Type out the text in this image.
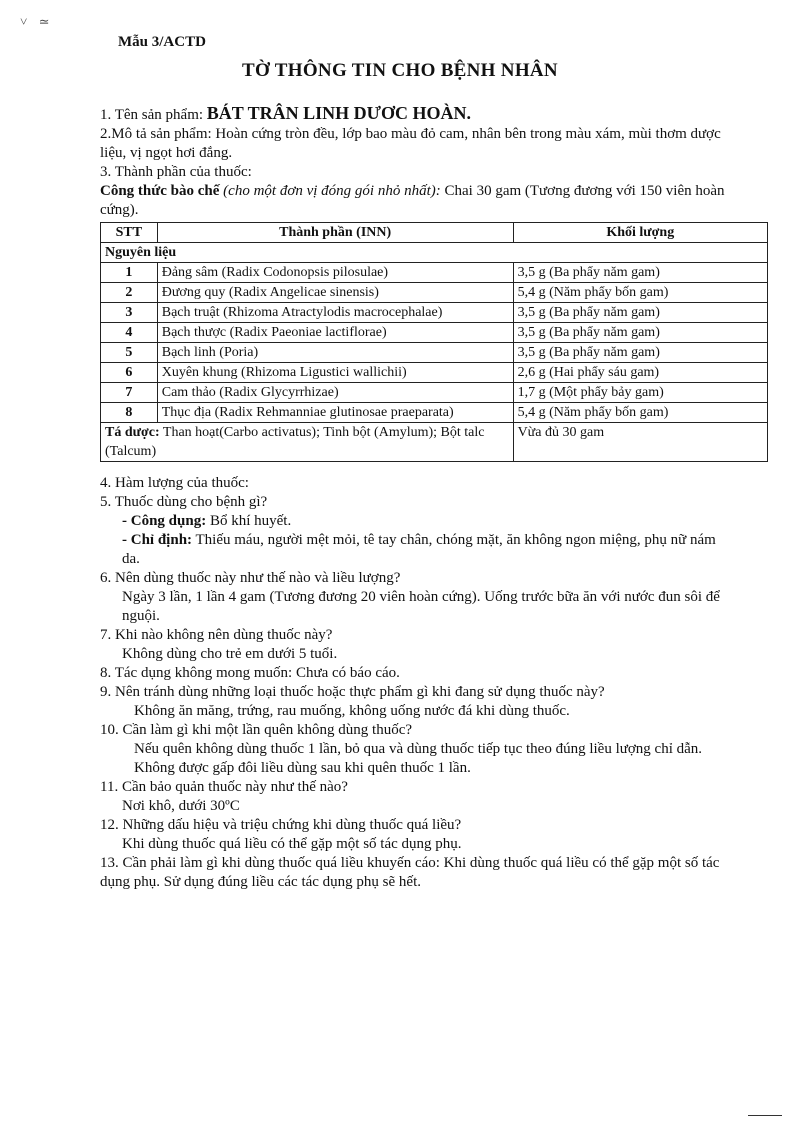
˅ ≃
Mẫu 3/ACTD
TỜ THÔNG TIN CHO BỆNH NHÂN

1. Tên sản phẩm: BÁT TRÂN LINH DƯƠC HOÀN.

2.Mô tả sản phẩm: Hoàn cứng tròn đều, lớp bao màu đỏ cam, nhân bên trong màu xám, mùi thơm dược liệu, vị ngọt hơi đắng.

3. Thành phần của thuốc:

Công thức bào chế (cho một đơn vị đóng gói nhỏ nhất): Chai 30 gam (Tương đương với 150 viên hoàn cứng).

STT	Thành phần (INN)	Khối lượng
Nguyên liệu		
1	Đảng sâm (Radix Codonopsis pilosulae)	3,5 g (Ba phẩy năm gam)
2	Đương quy (Radix Angelicae sinensis)	5,4 g (Năm phẩy bốn gam)
3	Bạch truật (Rhizoma Atractylodis macrocephalae)	3,5 g (Ba phẩy năm gam)
4	Bạch thược (Radix Paeoniae lactiflorae)	3,5 g (Ba phẩy năm gam)
5	Bạch linh (Poria)	3,5 g (Ba phẩy năm gam)
6	Xuyên khung (Rhizoma Ligustici wallichii)	2,6 g (Hai phẩy sáu gam)
7	Cam thảo (Radix Glycyrrhizae)	1,7 g (Một phẩy bảy gam)
8	Thục địa (Radix Rehmanniae glutinosae praeparata)	5,4 g (Năm phẩy bốn gam)
Tá dược: Than hoạt(Carbo activatus); Tinh bột (Amylum); Bột talc (Talcum)		Vừa đủ 30 gam

4. Hàm lượng của thuốc:

5. Thuốc dùng cho bệnh gì?

- Công dụng: Bổ khí huyết.

- Chỉ định: Thiếu máu, người mệt mỏi, tê tay chân, chóng mặt, ăn không ngon miệng, phụ nữ nám da.

6. Nên dùng thuốc này như thế nào và liều lượng?

Ngày 3 lần, 1 lần 4 gam (Tương đương 20 viên hoàn cứng). Uống trước bữa ăn với nước đun sôi để nguội.

7. Khi nào không nên dùng thuốc này?

Không dùng cho trẻ em dưới 5 tuổi.

8. Tác dụng không mong muốn: Chưa có báo cáo.

9. Nên tránh dùng những loại thuốc hoặc thực phẩm gì khi đang sử dụng thuốc này?

Không ăn măng, trứng, rau muống, không uống nước đá khi dùng thuốc.

10. Cần làm gì khi một lần quên không dùng thuốc?

Nếu quên không dùng thuốc 1 lần, bỏ qua và dùng thuốc tiếp tục theo đúng liều lượng chỉ dẫn. Không được gấp đôi liều dùng sau khi quên thuốc 1 lần.

11. Cần bảo quản thuốc này như thế nào?

Nơi khô, dưới 30ºC

12. Những dấu hiệu và triệu chứng khi dùng thuốc quá liều?

Khi dùng thuốc quá liều có thể gặp một số tác dụng phụ.

13. Cần phải làm gì khi dùng thuốc quá liều khuyến cáo: Khi dùng thuốc quá liều có thể gặp một số tác dụng phụ. Sử dụng đúng liều các tác dụng phụ sẽ hết.
